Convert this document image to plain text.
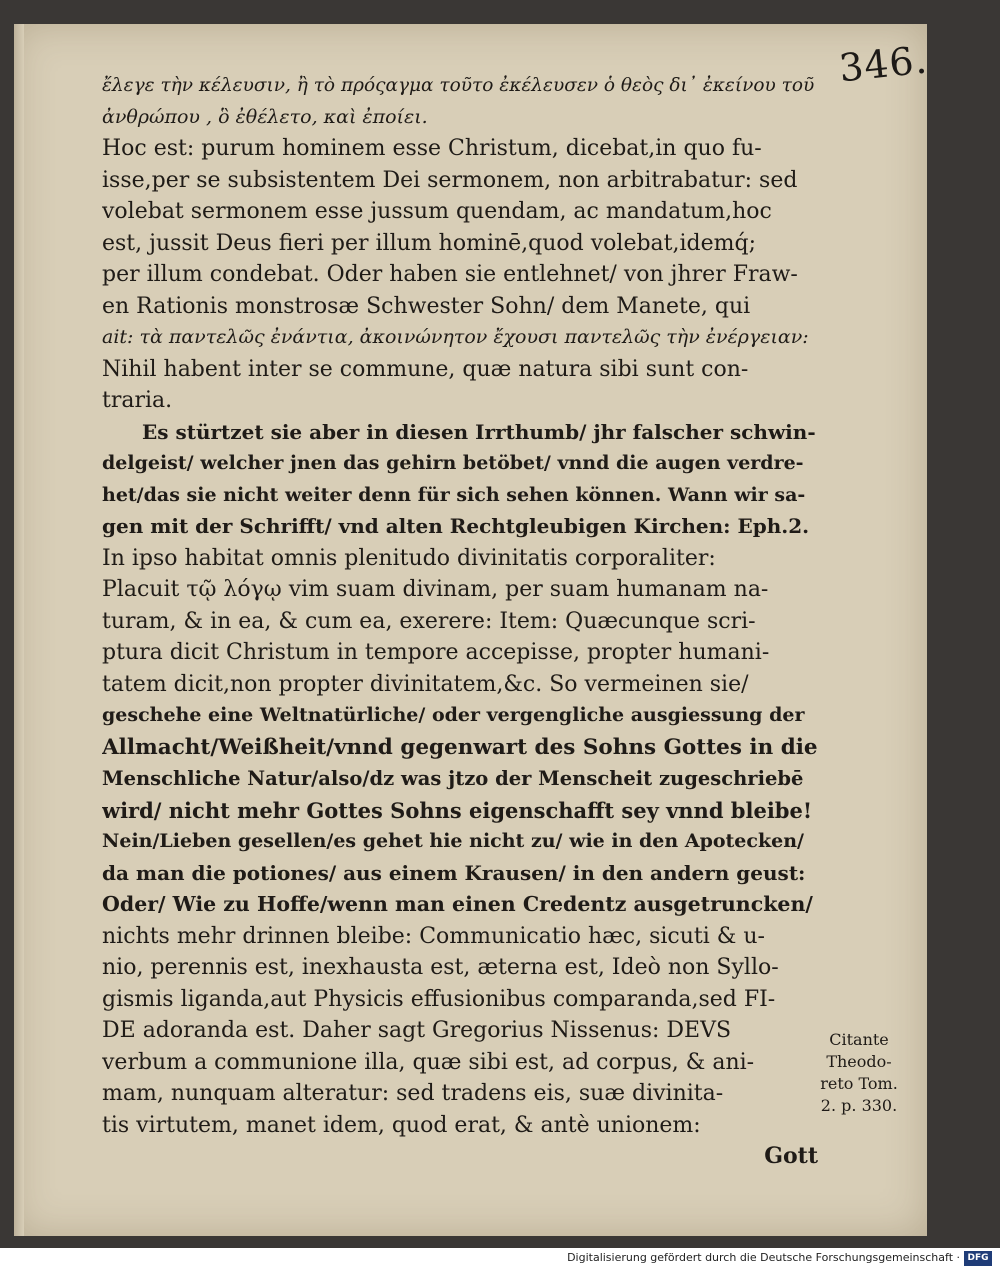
346.
ἔλεγε τὴν κέλευσιν, ἢ τὸ πρόςαγμα τοῦτο ἐκέλευσεν ὁ θεὸς δι᾽ ἐκείνου τοῦ
ἀνθρώπου , ὃ ἐθέλετο, καὶ ἐποίει.
Hoc est: purum hominem esse Christum, dicebat,in quo fu-
isse,per se subsistentem Dei sermonem, non arbitrabatur: sed
volebat sermonem esse jussum quendam, ac mandatum,hoc
est, jussit Deus fieri per illum hominē,quod volebat,idemq́;
per illum condebat. Oder haben sie entlehnet/ von jhrer Fraw-
en Rationis monstrosæ Schwester Sohn/ dem Manete, qui
ait: τὰ παντελῶς ἐνάντια, ἀκοινώνητον ἔχουσι παντελῶς τὴν ἐνέργειαν:
Nihil habent inter se commune, quæ natura sibi sunt con-
traria.
Es stürtzet sie aber in diesen Irrthumb/ jhr falscher schwin-
delgeist/ welcher jnen das gehirn betöbet/ vnnd die augen verdre-
het/das sie nicht weiter denn für sich sehen können. Wann wir sa-
gen mit der Schrifft/ vnd alten Rechtgleubigen Kirchen: Eph.2.
In ipso habitat omnis plenitudo divinitatis corporaliter:
Placuit τῷ λόγῳ vim suam divinam, per suam humanam na-
turam, & in ea, & cum ea, exerere: Item: Quæcunque scri-
ptura dicit Christum in tempore accepisse, propter humani-
tatem dicit,non propter divinitatem,&c. So vermeinen sie/
geschehe eine Weltnatürliche/ oder vergengliche ausgiessung der
Allmacht/Weißheit/vnnd gegenwart des Sohns Gottes in die
Menschliche Natur/also/dz was jtzo der Menscheit zugeschriebē
wird/ nicht mehr Gottes Sohns eigenschafft sey vnnd bleibe!
Nein/Lieben gesellen/es gehet hie nicht zu/ wie in den Apotecken/
da man die potiones/ aus einem Krausen/ in den andern geust:
Oder/ Wie zu Hoffe/wenn man einen Credentz ausgetruncken/
nichts mehr drinnen bleibe: Communicatio hæc, sicuti & u-
nio, perennis est, inexhausta est, æterna est, Ideò non Syllo-
gismis liganda,aut Physicis effusionibus comparanda,sed FI-
DE adoranda est. Daher sagt Gregorius Nissenus: DEVS
verbum a communione illa, quæ sibi est, ad corpus, & ani-
mam, nunquam alteratur: sed tradens eis, suæ divinita-
tis virtutem, manet idem, quod erat, & antè unionem:
Gott
Citante
Theodo-
reto Tom.
2. p. 330.
Digitalisierung gefördert durch die Deutsche Forschungsgemeinschaft · DFG
